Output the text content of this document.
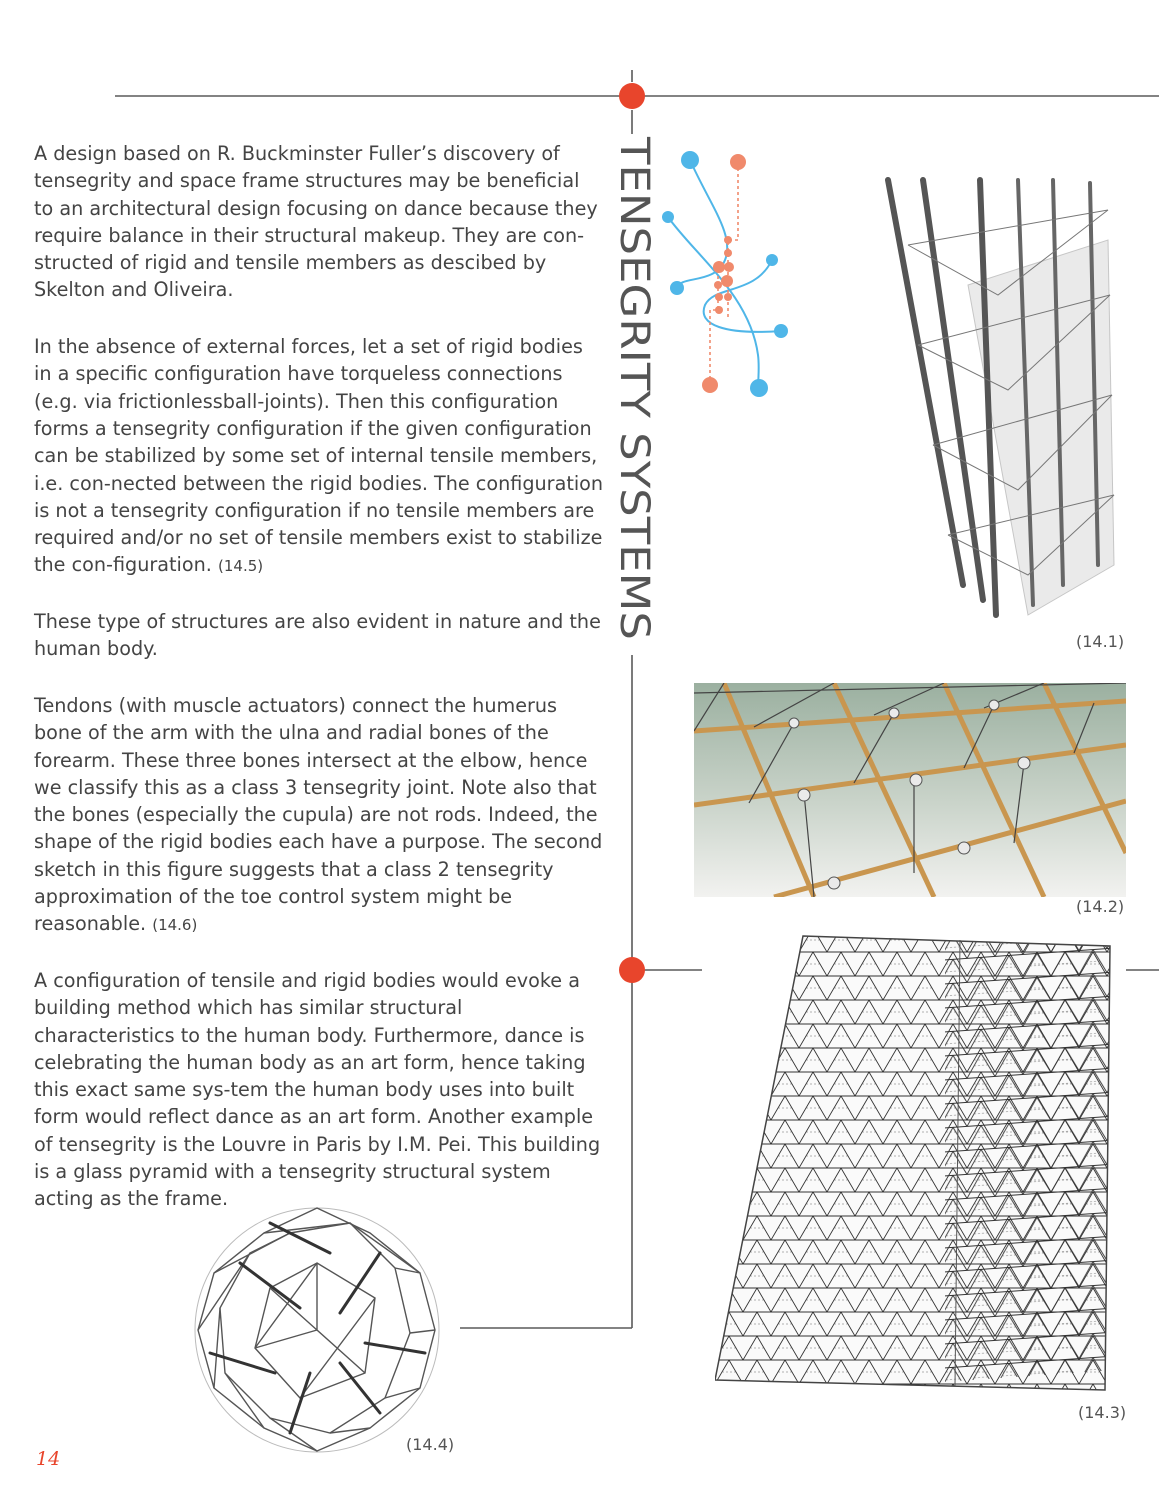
A design based on R. Buckminster Fuller’s discovery of tensegrity and space frame structures may be beneficial to an architectural design focusing on dance because they require balance in their structural makeup. They are con-structed of rigid and tensile members as descibed by Skelton and Oliveira.

In the absence of external forces, let a set of rigid bodies in a specific configuration have torqueless connections (e.g. via frictionlessball-joints). Then this configuration forms a tensegrity configuration if the given configuration can be stabilized by some set of internal tensile members, i.e. con-nected between the rigid bodies. The configuration is not a tensegrity configuration if no tensile members are required and/or no set of tensile members exist to stabilize the con-figuration. (14.5)

These type of structures are also evident in nature and the human body.

Tendons (with muscle actuators) connect the humerus bone of the arm with the ulna and radial bones of the forearm. These three bones intersect at the elbow, hence we classify this as a class 3 tensegrity joint. Note also that the bones (especially the cupula) are not rods. Indeed, the shape of the rigid bodies each have a purpose. The second sketch in this figure suggests that a class 2 tensegrity approximation of the toe control system might be reasonable. (14.6)

A configuration of tensile and rigid bodies would evoke a building method which has similar structural characteristics to the human body. Furthermore, dance is celebrating the human body as an art form, hence taking this exact same sys-tem the human body uses into built form would reflect dance as an art form. Another example of tensegrity is the Louvre in Paris by I.M. Pei. This building is a glass pyramid with a tensegrity structural system acting as the frame.

TENSEGRITY SYSTEMS
(14.1)
(14.2)
(14.3)
(14.4)
14
